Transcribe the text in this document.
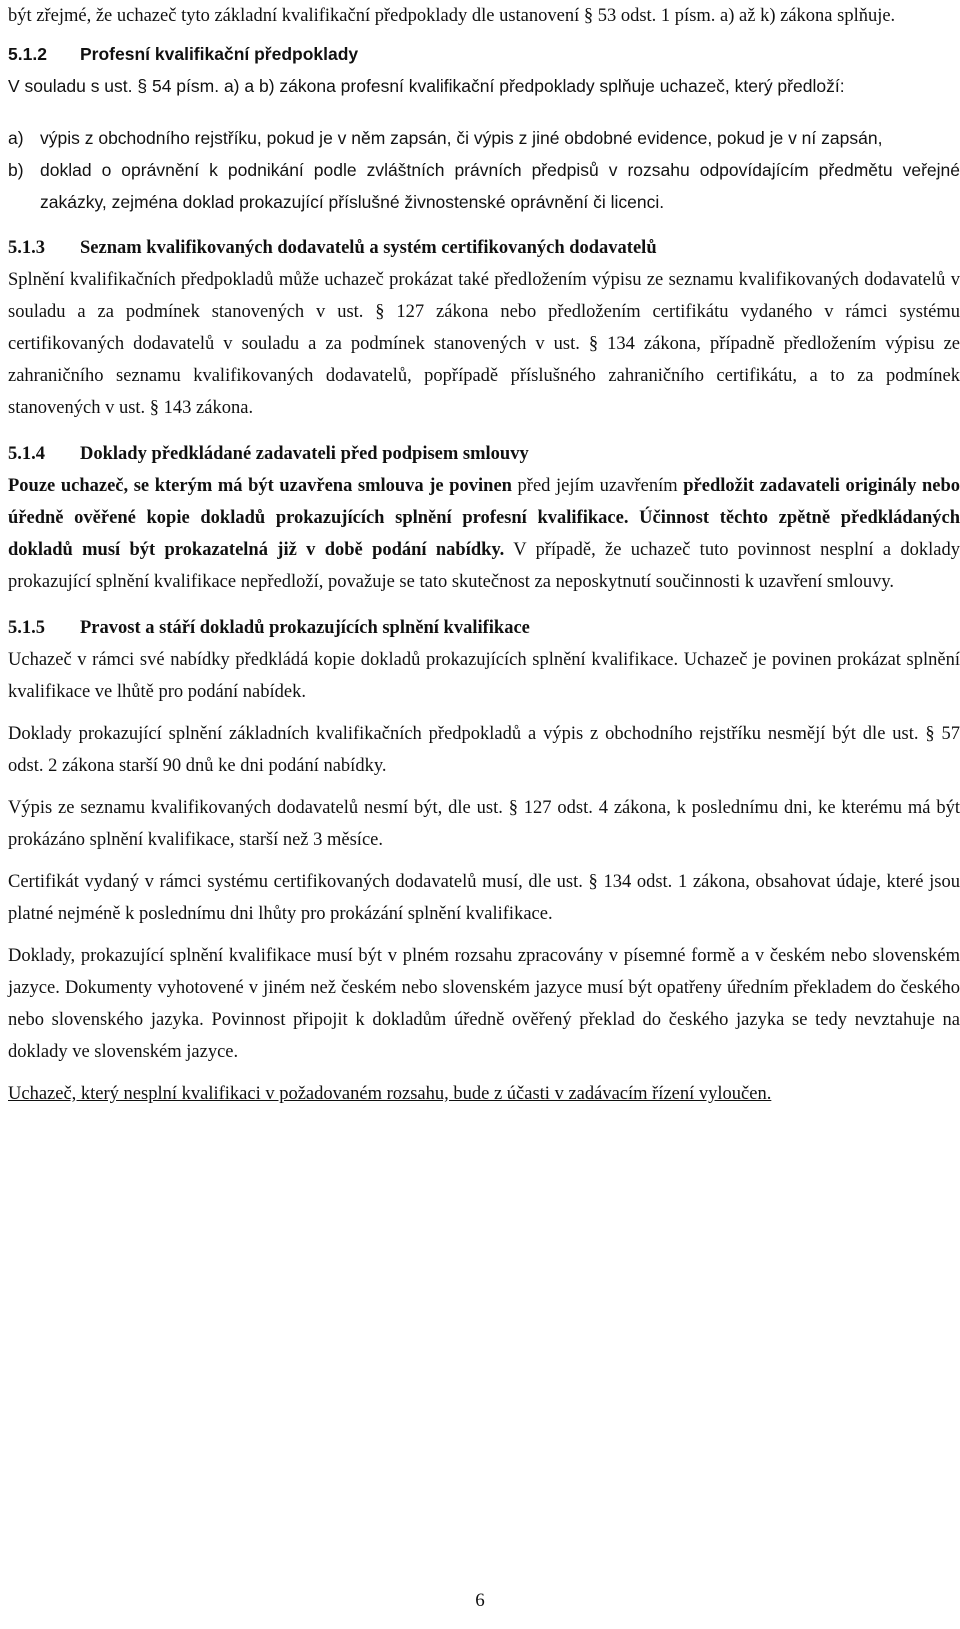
být zřejmé, že uchazeč tyto základní kvalifikační předpoklady dle ustanovení § 53 odst. 1 písm. a) až k) zákona splňuje.

5.1.2 Profesní kvalifikační předpoklady

V souladu s ust. § 54 písm. a) a b) zákona profesní kvalifikační předpoklady splňuje uchazeč, který předloží:

a) výpis z obchodního rejstříku, pokud je v něm zapsán, či výpis z jiné obdobné evidence, pokud je v ní zapsán,
b) doklad o oprávnění k podnikání podle zvláštních právních předpisů v rozsahu odpovídajícím předmětu veřejné zakázky, zejména doklad prokazující příslušné živnostenské oprávnění či licenci.
5.1.3 Seznam kvalifikovaných dodavatelů a systém certifikovaných dodavatelů

Splnění kvalifikačních předpokladů může uchazeč prokázat také předložením výpisu ze seznamu kvalifikovaných dodavatelů v souladu a za podmínek stanovených v ust. § 127 zákona nebo předložením certifikátu vydaného v rámci systému certifikovaných dodavatelů v souladu a za podmínek stanovených v ust. § 134 zákona, případně předložením výpisu ze zahraničního seznamu kvalifikovaných dodavatelů, popřípadě příslušného zahraničního certifikátu, a to za podmínek stanovených v ust. § 143 zákona.

5.1.4 Doklady předkládané zadavateli před podpisem smlouvy

Pouze uchazeč, se kterým má být uzavřena smlouva je povinen před jejím uzavřením předložit zadavateli originály nebo úředně ověřené kopie dokladů prokazujících splnění profesní kvalifikace. Účinnost těchto zpětně předkládaných dokladů musí být prokazatelná již v době podání nabídky. V případě, že uchazeč tuto povinnost nesplní a doklady prokazující splnění kvalifikace nepředloží, považuje se tato skutečnost za neposkytnutí součinnosti k uzavření smlouvy.

5.1.5 Pravost a stáří dokladů prokazujících splnění kvalifikace

Uchazeč v rámci své nabídky předkládá kopie dokladů prokazujících splnění kvalifikace. Uchazeč je povinen prokázat splnění kvalifikace ve lhůtě pro podání nabídek.

Doklady prokazující splnění základních kvalifikačních předpokladů a výpis z obchodního rejstříku nesmějí být dle ust. § 57 odst. 2 zákona starší 90 dnů ke dni podání nabídky.

Výpis ze seznamu kvalifikovaných dodavatelů nesmí být, dle ust. § 127 odst. 4 zákona, k poslednímu dni, ke kterému má být prokázáno splnění kvalifikace, starší než 3 měsíce.

Certifikát vydaný v rámci systému certifikovaných dodavatelů musí, dle ust. § 134 odst. 1 zákona, obsahovat údaje, které jsou platné nejméně k poslednímu dni lhůty pro prokázání splnění kvalifikace.

Doklady, prokazující splnění kvalifikace musí být v plném rozsahu zpracovány v písemné formě a v českém nebo slovenském jazyce. Dokumenty vyhotovené v jiném než českém nebo slovenském jazyce musí být opatřeny úředním překladem do českého nebo slovenského jazyka. Povinnost připojit k dokladům úředně ověřený překlad do českého jazyka se tedy nevztahuje na doklady ve slovenském jazyce.

Uchazeč, který nesplní kvalifikaci v požadovaném rozsahu, bude z účasti v zadávacím řízení vyloučen.

6
